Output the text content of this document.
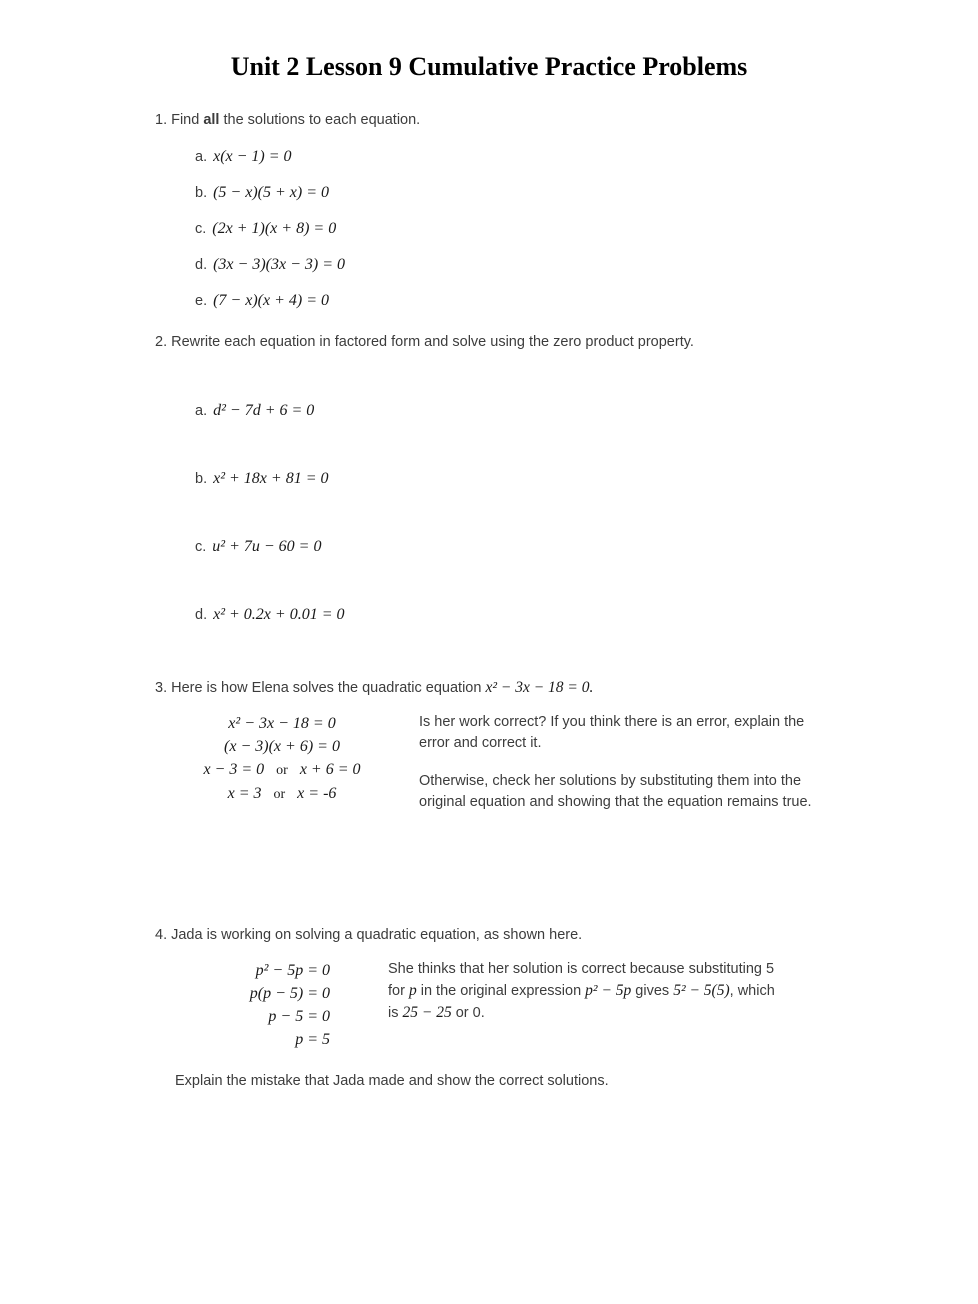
Unit 2 Lesson 9 Cumulative Practice Problems
1. Find all the solutions to each equation.
a. x(x − 1) = 0
b. (5 − x)(5 + x) = 0
c. (2x + 1)(x + 8) = 0
d. (3x − 3)(3x − 3) = 0
e. (7 − x)(x + 4) = 0
2. Rewrite each equation in factored form and solve using the zero product property.
a. d² − 7d + 6 = 0
b. x² + 18x + 81 = 0
c. u² + 7u − 60 = 0
d. x² + 0.2x + 0.01 = 0
3. Here is how Elena solves the quadratic equation x² − 3x − 18 = 0.
x² − 3x − 18 = 0
(x − 3)(x + 6) = 0
x − 3 = 0 or x + 6 = 0
x = 3 or x = -6

Is her work correct? If you think there is an error, explain the error and correct it.

Otherwise, check her solutions by substituting them into the original equation and showing that the equation remains true.

4. Jada is working on solving a quadratic equation, as shown here.
p² − 5p = 0
p(p − 5) = 0
p − 5 = 0
p = 5

She thinks that her solution is correct because substituting 5 for p in the original expression p² − 5p gives 5² − 5(5), which is 25 − 25 or 0.

Explain the mistake that Jada made and show the correct solutions.
